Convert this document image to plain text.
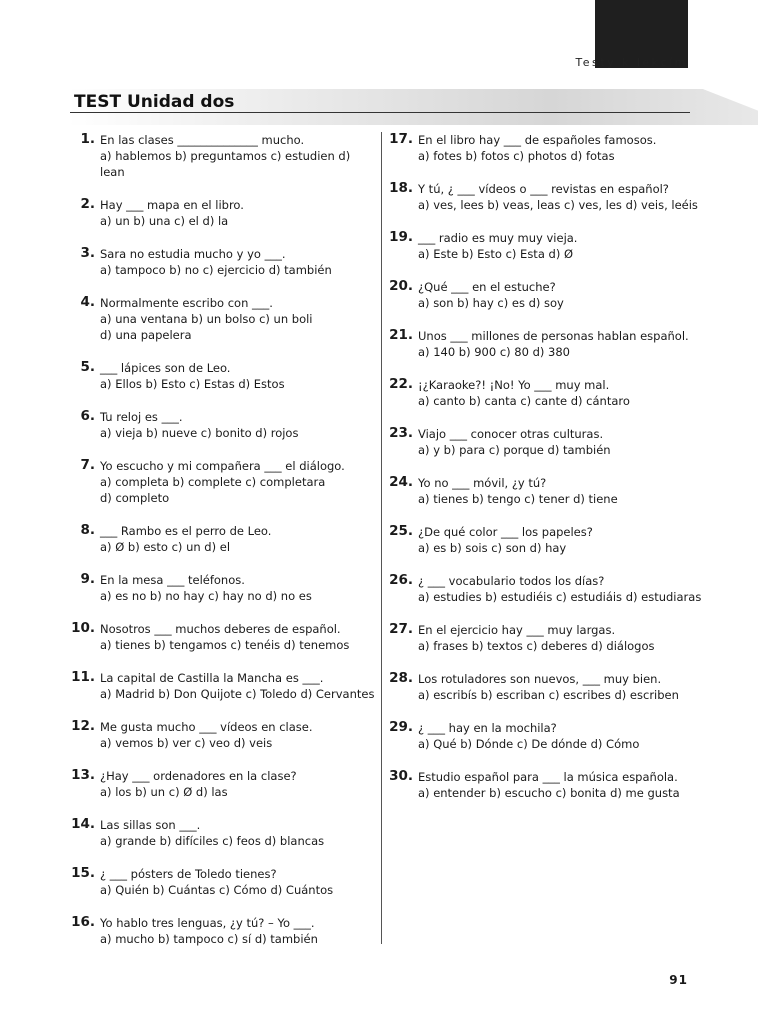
Testy k lekcím
TEST Unidad dos
1. En las clases ______________ mucho.
a) hablemos b) preguntamos c) estudien d) lean
2. Hay ___ mapa en el libro.
a) un b) una c) el d) la
3. Sara no estudia mucho y yo ___.
a) tampoco b) no c) ejercicio d) también
4. Normalmente escribo con ___.
a) una ventana b) un bolso c) un boli
d) una papelera
5. ___ lápices son de Leo.
a) Ellos b) Esto c) Estas d) Estos
6. Tu reloj es ___.
a) vieja b) nueve c) bonito d) rojos
7. Yo escucho y mi compañera ___ el diálogo.
a) completa b) complete c) completara
d) completo
8. ___ Rambo es el perro de Leo.
a) Ø b) esto c) un d) el
9. En la mesa ___ teléfonos.
a) es no b) no hay c) hay no d) no es
10. Nosotros ___ muchos deberes de español.
a) tienes b) tengamos c) tenéis d) tenemos
11. La capital de Castilla la Mancha es ___.
a) Madrid b) Don Quijote c) Toledo d) Cervantes
12. Me gusta mucho ___ vídeos en clase.
a) vemos b) ver c) veo d) veis
13. ¿Hay ___ ordenadores en la clase?
a) los b) un c) Ø d) las
14. Las sillas son ___.
a) grande b) difíciles c) feos d) blancas
15. ¿ ___ pósters de Toledo tienes?
a) Quién b) Cuántas c) Cómo d) Cuántos
16. Yo hablo tres lenguas, ¿y tú? – Yo ___.
a) mucho b) tampoco c) sí d) también
17. En el libro hay ___ de españoles famosos.
a) fotes b) fotos c) photos d) fotas
18. Y tú, ¿ ___ vídeos o ___ revistas en español?
a) ves, lees b) veas, leas c) ves, les d) veis, leéis
19. ___ radio es muy muy vieja.
a) Este b) Esto c) Esta d) Ø
20. ¿Qué ___ en el estuche?
a) son b) hay c) es d) soy
21. Unos ___ millones de personas hablan español.
a) 140 b) 900 c) 80 d) 380
22. ¡¿Karaoke?! ¡No! Yo ___ muy mal.
a) canto b) canta c) cante d) cántaro
23. Viajo ___ conocer otras culturas.
a) y b) para c) porque d) también
24. Yo no ___ móvil, ¿y tú?
a) tienes b) tengo c) tener d) tiene
25. ¿De qué color ___ los papeles?
a) es b) sois c) son d) hay
26. ¿ ___ vocabulario todos los días?
a) estudies b) estudiéis c) estudiáis d) estudiaras
27. En el ejercicio hay ___ muy largas.
a) frases b) textos c) deberes d) diálogos
28. Los rotuladores son nuevos, ___ muy bien.
a) escribís b) escriban c) escribes d) escriben
29. ¿ ___ hay en la mochila?
a) Qué b) Dónde c) De dónde d) Cómo
30. Estudio español para ___ la música española.
a) entender b) escucho c) bonita d) me gusta
91
